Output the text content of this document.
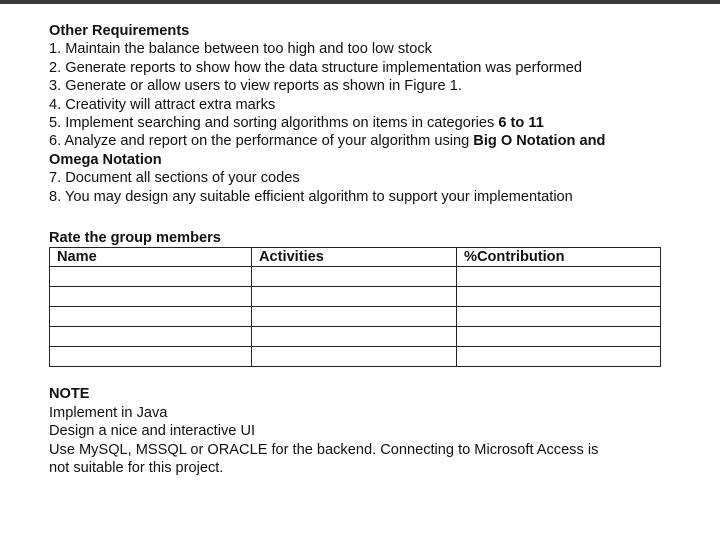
Other Requirements
1. Maintain the balance between too high and too low stock
2. Generate reports to show how the data structure implementation was performed
3. Generate or allow users to view reports as shown in Figure 1.
4. Creativity will attract extra marks
5. Implement searching and sorting algorithms on items in categories 6 to 11
6. Analyze and report on the performance of your algorithm using Big O Notation and
Omega Notation
7. Document all sections of your codes
8. You may design any suitable efficient algorithm to support your implementation
Rate the group members
Name	Activities	%Contribution

NOTE
Implement in Java
Design a nice and interactive UI
Use MySQL, MSSQL or ORACLE for the backend. Connecting to Microsoft Access is
not suitable for this project.
